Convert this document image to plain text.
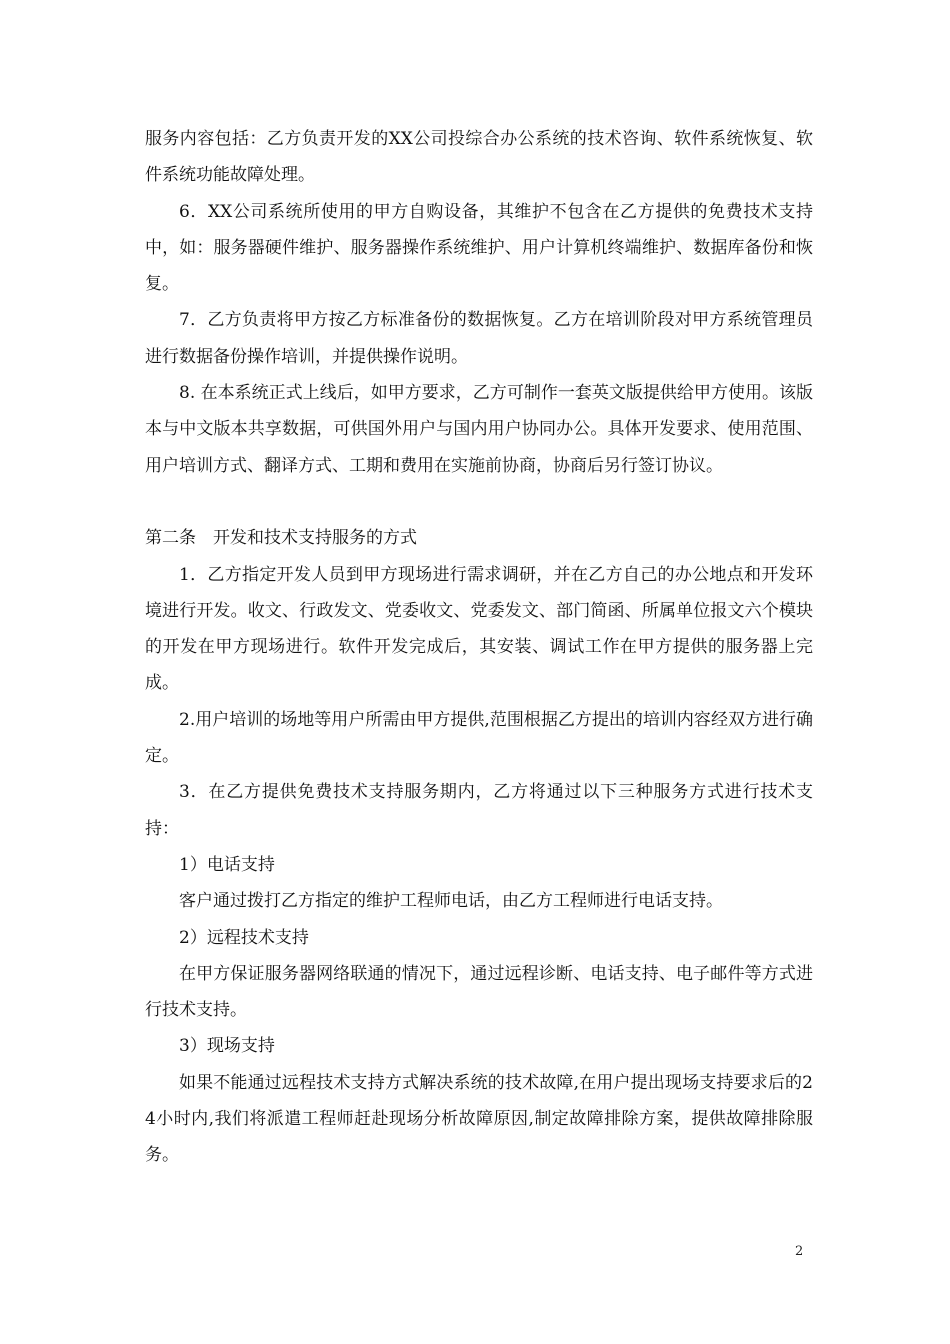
服务内容包括：乙方负责开发的XX公司投综合办公系统的技术咨询、软件系统恢复、软件系统功能故障处理。

6．XX公司系统所使用的甲方自购设备，其维护不包含在乙方提供的免费技术支持中，如：服务器硬件维护、服务器操作系统维护、用户计算机终端维护、数据库备份和恢复。

7．乙方负责将甲方按乙方标准备份的数据恢复。乙方在培训阶段对甲方系统管理员进行数据备份操作培训，并提供操作说明。

8. 在本系统正式上线后，如甲方要求，乙方可制作一套英文版提供给甲方使用。该版本与中文版本共享数据，可供国外用户与国内用户协同办公。具体开发要求、使用范围、用户培训方式、翻译方式、工期和费用在实施前协商，协商后另行签订协议。

第二条　开发和技术支持服务的方式

1．乙方指定开发人员到甲方现场进行需求调研，并在乙方自己的办公地点和开发环境进行开发。收文、行政发文、党委收文、党委发文、部门简函、所属单位报文六个模块的开发在甲方现场进行。软件开发完成后，其安装、调试工作在甲方提供的服务器上完成。

2.用户培训的场地等用户所需由甲方提供,范围根据乙方提出的培训内容经双方进行确定。

3．在乙方提供免费技术支持服务期内，乙方将通过以下三种服务方式进行技术支持：

1）电话支持

客户通过拨打乙方指定的维护工程师电话，由乙方工程师进行电话支持。

2）远程技术支持

在甲方保证服务器网络联通的情况下，通过远程诊断、电话支持、电子邮件等方式进行技术支持。

3）现场支持

如果不能通过远程技术支持方式解决系统的技术故障,在用户提出现场支持要求后的24小时内,我们将派遣工程师赶赴现场分析故障原因,制定故障排除方案，提供故障排除服务。

2
